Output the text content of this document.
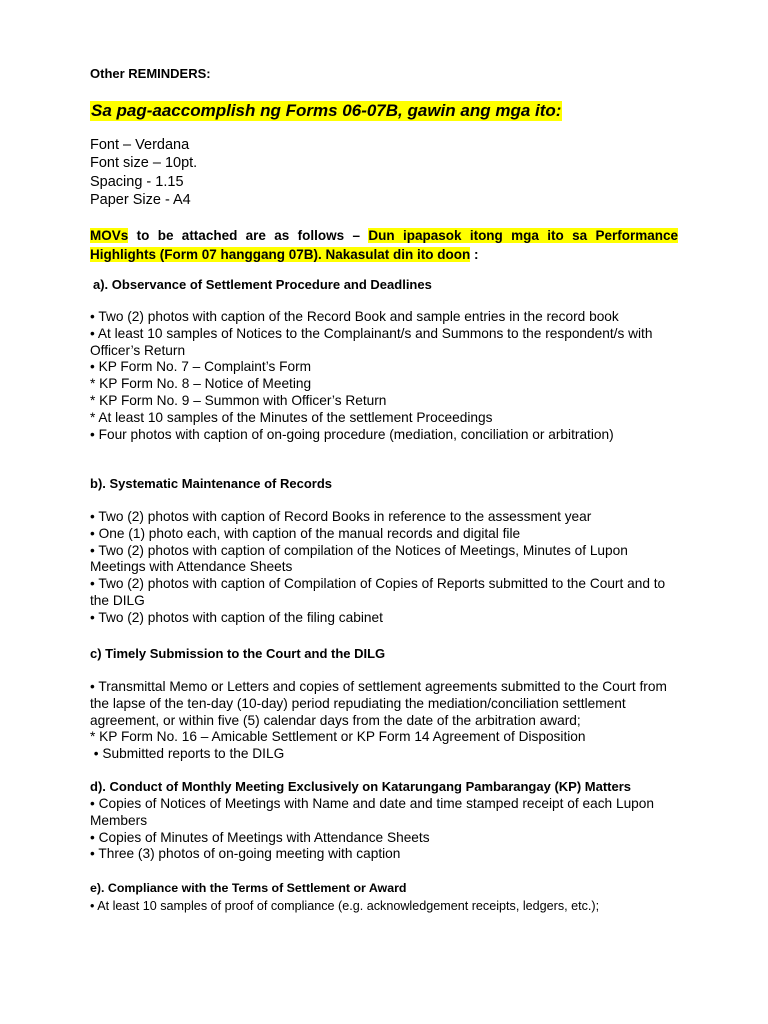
Other REMINDERS:
Sa pag-aaccomplish ng Forms 06-07B, gawin ang mga ito:
Font – Verdana
Font size – 10pt.
Spacing - 1.15
Paper Size - A4
MOVs to be attached are as follows – Dun ipapasok itong mga ito sa Performance Highlights (Form 07 hanggang 07B). Nakasulat din ito doon :
a). Observance of Settlement Procedure and Deadlines
• Two (2) photos with caption of the Record Book and sample entries in the record book
• At least 10 samples of Notices to the Complainant/s and Summons to the respondent/s with
Officer’s Return
• KP Form No. 7 – Complaint’s Form
* KP Form No. 8 – Notice of Meeting
* KP Form No. 9 – Summon with Officer’s Return
* At least 10 samples of the Minutes of the settlement Proceedings
• Four photos with caption of on-going procedure (mediation, conciliation or arbitration)
b). Systematic Maintenance of Records
• Two (2) photos with caption of Record Books in reference to the assessment year
• One (1) photo each, with caption of the manual records and digital file
• Two (2) photos with caption of compilation of the Notices of Meetings, Minutes of Lupon
Meetings with Attendance Sheets
• Two (2) photos with caption of Compilation of Copies of Reports submitted to the Court and to
the DILG
• Two (2) photos with caption of the filing cabinet
c) Timely Submission to the Court and the DILG
• Transmittal Memo or Letters and copies of settlement agreements submitted to the Court from
the lapse of the ten-day (10-day) period repudiating the mediation/conciliation settlement
agreement, or within five (5) calendar days from the date of the arbitration award;
* KP Form No. 16 – Amicable Settlement or KP Form 14 Agreement of Disposition
• Submitted reports to the DILG
d). Conduct of Monthly Meeting Exclusively on Katarungang Pambarangay (KP) Matters
• Copies of Notices of Meetings with Name and date and time stamped receipt of each Lupon
Members
• Copies of Minutes of Meetings with Attendance Sheets
• Three (3) photos of on-going meeting with caption
e). Compliance with the Terms of Settlement or Award
• At least 10 samples of proof of compliance (e.g. acknowledgement receipts, ledgers, etc.);
